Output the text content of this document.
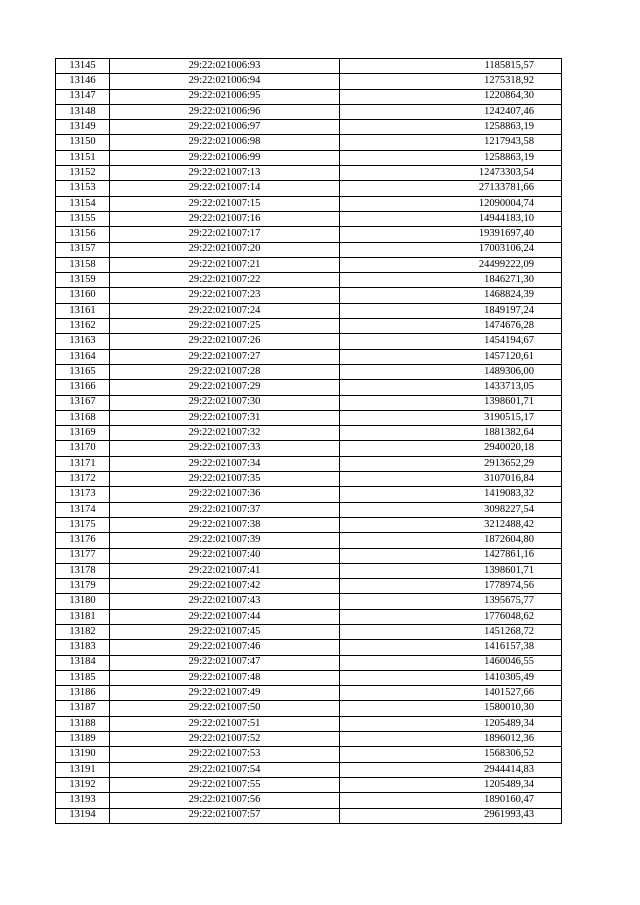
13145	29:22:021006:93	1185815,57
13146	29:22:021006:94	1275318,92
13147	29:22:021006:95	1220864,30
13148	29:22:021006:96	1242407,46
13149	29:22:021006:97	1258863,19
13150	29:22:021006:98	1217943,58
13151	29:22:021006:99	1258863,19
13152	29:22:021007:13	12473303,54
13153	29:22:021007:14	27133781,66
13154	29:22:021007:15	12090004,74
13155	29:22:021007:16	14944183,10
13156	29:22:021007:17	19391697,40
13157	29:22:021007:20	17003106,24
13158	29:22:021007:21	24499222,09
13159	29:22:021007:22	1846271,30
13160	29:22:021007:23	1468824,39
13161	29:22:021007:24	1849197,24
13162	29:22:021007:25	1474676,28
13163	29:22:021007:26	1454194,67
13164	29:22:021007:27	1457120,61
13165	29:22:021007:28	1489306,00
13166	29:22:021007:29	1433713,05
13167	29:22:021007:30	1398601,71
13168	29:22:021007:31	3190515,17
13169	29:22:021007:32	1881382,64
13170	29:22:021007:33	2940020,18
13171	29:22:021007:34	2913652,29
13172	29:22:021007:35	3107016,84
13173	29:22:021007:36	1419083,32
13174	29:22:021007:37	3098227,54
13175	29:22:021007:38	3212488,42
13176	29:22:021007:39	1872604,80
13177	29:22:021007:40	1427861,16
13178	29:22:021007:41	1398601,71
13179	29:22:021007:42	1778974,56
13180	29:22:021007:43	1395675,77
13181	29:22:021007:44	1776048,62
13182	29:22:021007:45	1451268,72
13183	29:22:021007:46	1416157,38
13184	29:22:021007:47	1460046,55
13185	29:22:021007:48	1410305,49
13186	29:22:021007:49	1401527,66
13187	29:22:021007:50	1580010,30
13188	29:22:021007:51	1205489,34
13189	29:22:021007:52	1896012,36
13190	29:22:021007:53	1568306,52
13191	29:22:021007:54	2944414,83
13192	29:22:021007:55	1205489,34
13193	29:22:021007:56	1890160,47
13194	29:22:021007:57	2961993,43
